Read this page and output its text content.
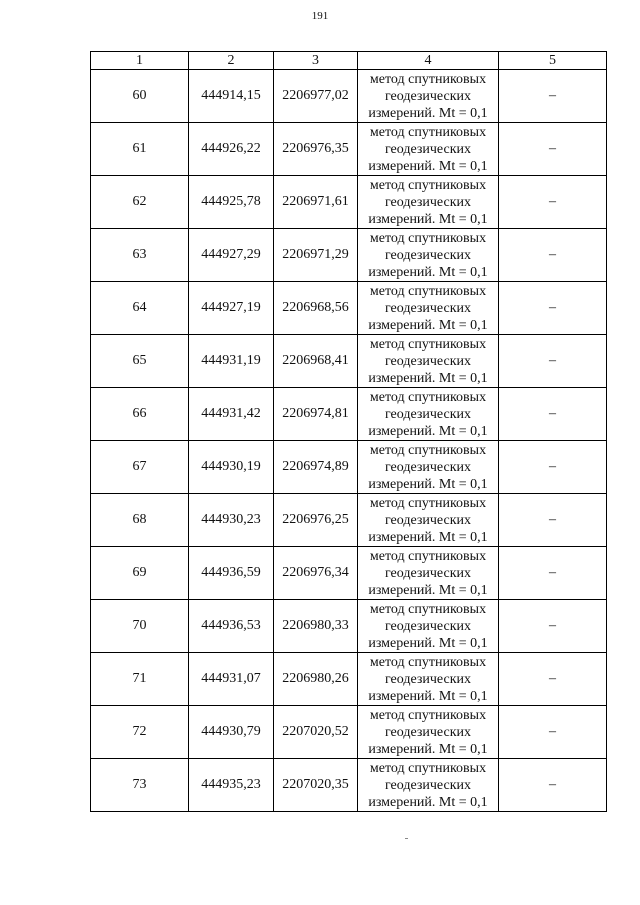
191
1	2	3	4	5
60	444914,15	2206977,02	метод спутниковых
геодезических
измерений. Mt = 0,1	–
61	444926,22	2206976,35	метод спутниковых
геодезических
измерений. Mt = 0,1	–
62	444925,78	2206971,61	метод спутниковых
геодезических
измерений. Mt = 0,1	–
63	444927,29	2206971,29	метод спутниковых
геодезических
измерений. Mt = 0,1	–
64	444927,19	2206968,56	метод спутниковых
геодезических
измерений. Mt = 0,1	–
65	444931,19	2206968,41	метод спутниковых
геодезических
измерений. Mt = 0,1	–
66	444931,42	2206974,81	метод спутниковых
геодезических
измерений. Mt = 0,1	–
67	444930,19	2206974,89	метод спутниковых
геодезических
измерений. Mt = 0,1	–
68	444930,23	2206976,25	метод спутниковых
геодезических
измерений. Mt = 0,1	–
69	444936,59	2206976,34	метод спутниковых
геодезических
измерений. Mt = 0,1	–
70	444936,53	2206980,33	метод спутниковых
геодезических
измерений. Mt = 0,1	–
71	444931,07	2206980,26	метод спутниковых
геодезических
измерений. Mt = 0,1	–
72	444930,79	2207020,52	метод спутниковых
геодезических
измерений. Mt = 0,1	–
73	444935,23	2207020,35	метод спутниковых
геодезических
измерений. Mt = 0,1	–
